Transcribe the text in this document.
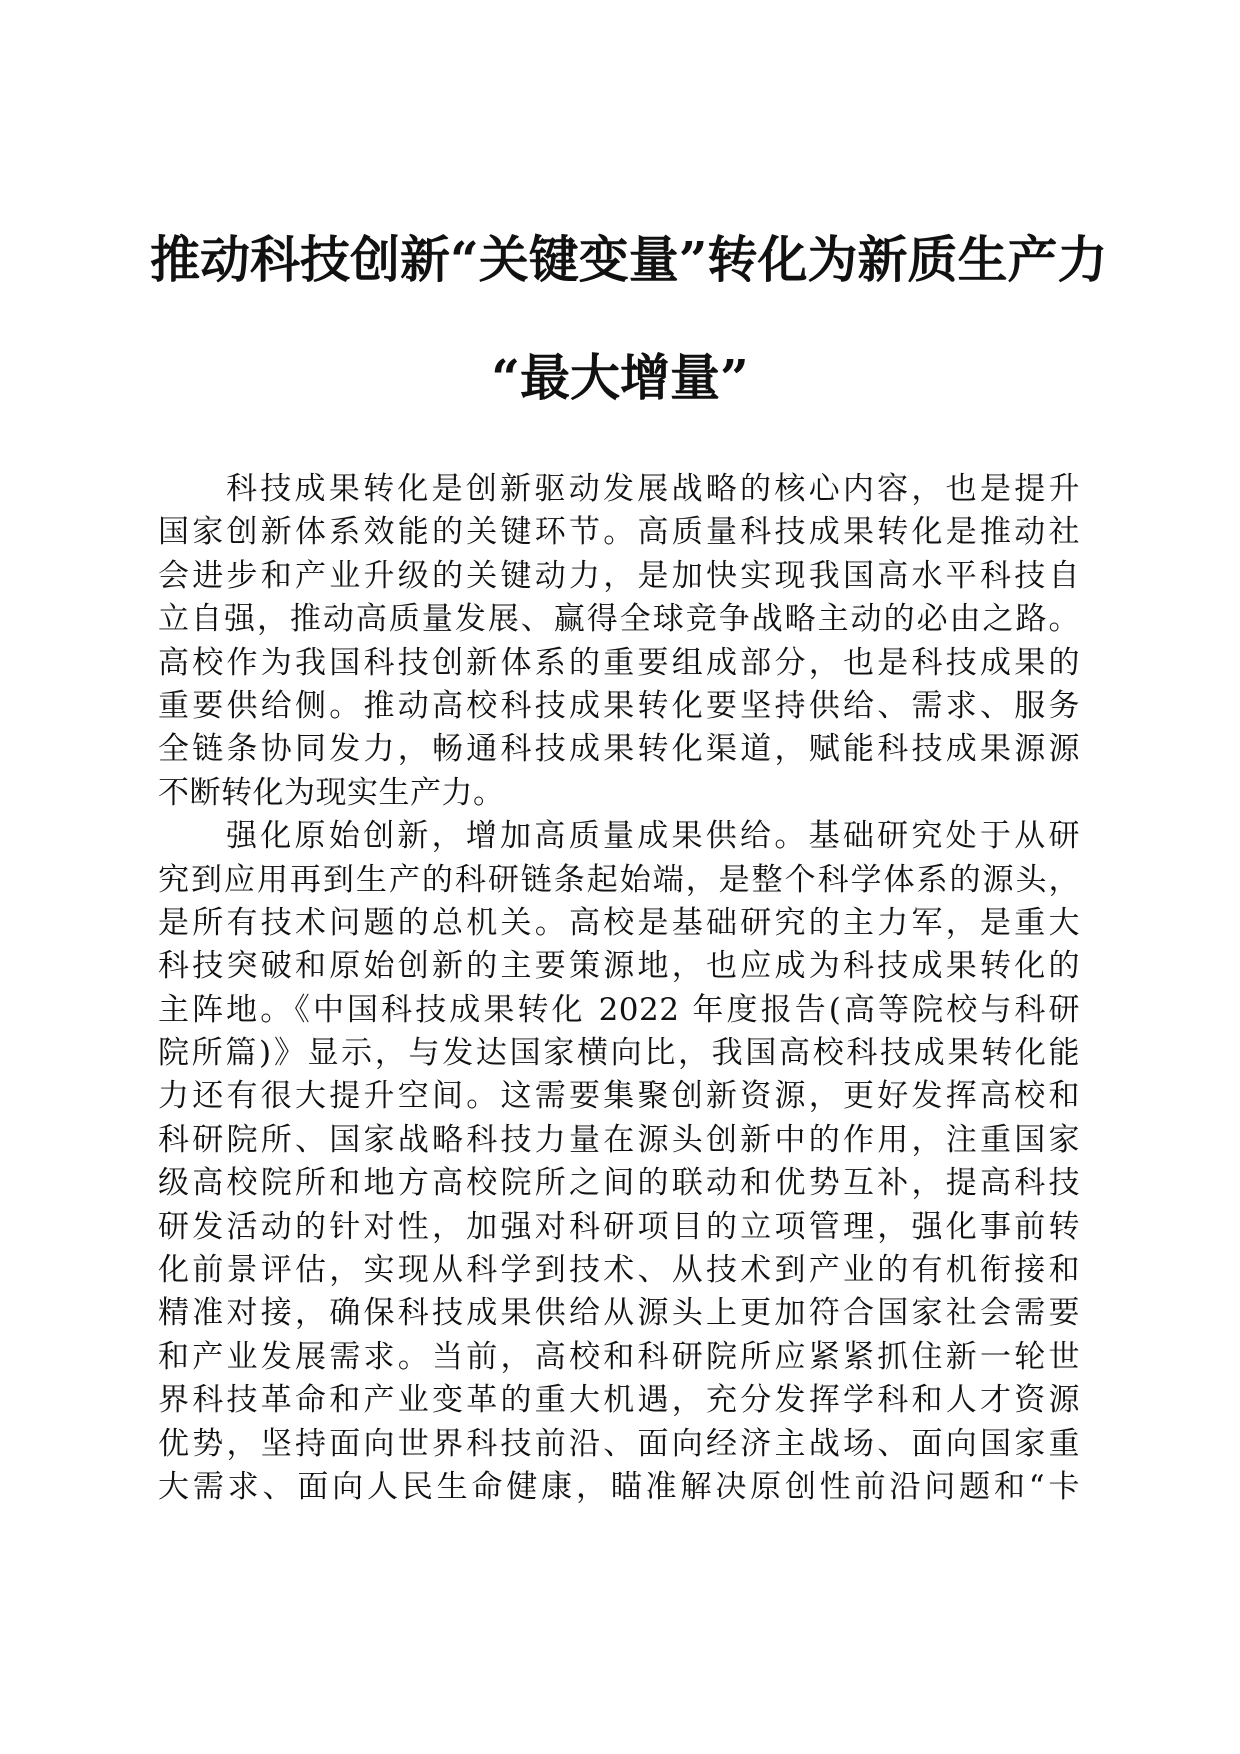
推动科技创新“关键变量”转化为新质生产力
“最大增量”
科技成果转化是创新驱动发展战略的核心内容，也是提升
国家创新体系效能的关键环节。高质量科技成果转化是推动社
会进步和产业升级的关键动力，是加快实现我国高水平科技自
立自强，推动高质量发展、赢得全球竞争战略主动的必由之路。
高校作为我国科技创新体系的重要组成部分，也是科技成果的
重要供给侧。推动高校科技成果转化要坚持供给、需求、服务
全链条协同发力，畅通科技成果转化渠道，赋能科技成果源源
不断转化为现实生产力。
强化原始创新，增加高质量成果供给。基础研究处于从研
究到应用再到生产的科研链条起始端，是整个科学体系的源头，
是所有技术问题的总机关。高校是基础研究的主力军，是重大
科技突破和原始创新的主要策源地，也应成为科技成果转化的
主阵地。《中国科技成果转化 2022 年度报告(高等院校与科研
院所篇)》显示，与发达国家横向比，我国高校科技成果转化能
力还有很大提升空间。这需要集聚创新资源，更好发挥高校和
科研院所、国家战略科技力量在源头创新中的作用，注重国家
级高校院所和地方高校院所之间的联动和优势互补，提高科技
研发活动的针对性，加强对科研项目的立项管理，强化事前转
化前景评估，实现从科学到技术、从技术到产业的有机衔接和
精准对接，确保科技成果供给从源头上更加符合国家社会需要
和产业发展需求。当前，高校和科研院所应紧紧抓住新一轮世
界科技革命和产业变革的重大机遇，充分发挥学科和人才资源
优势，坚持面向世界科技前沿、面向经济主战场、面向国家重
大需求、面向人民生命健康，瞄准解决原创性前沿问题和“卡
